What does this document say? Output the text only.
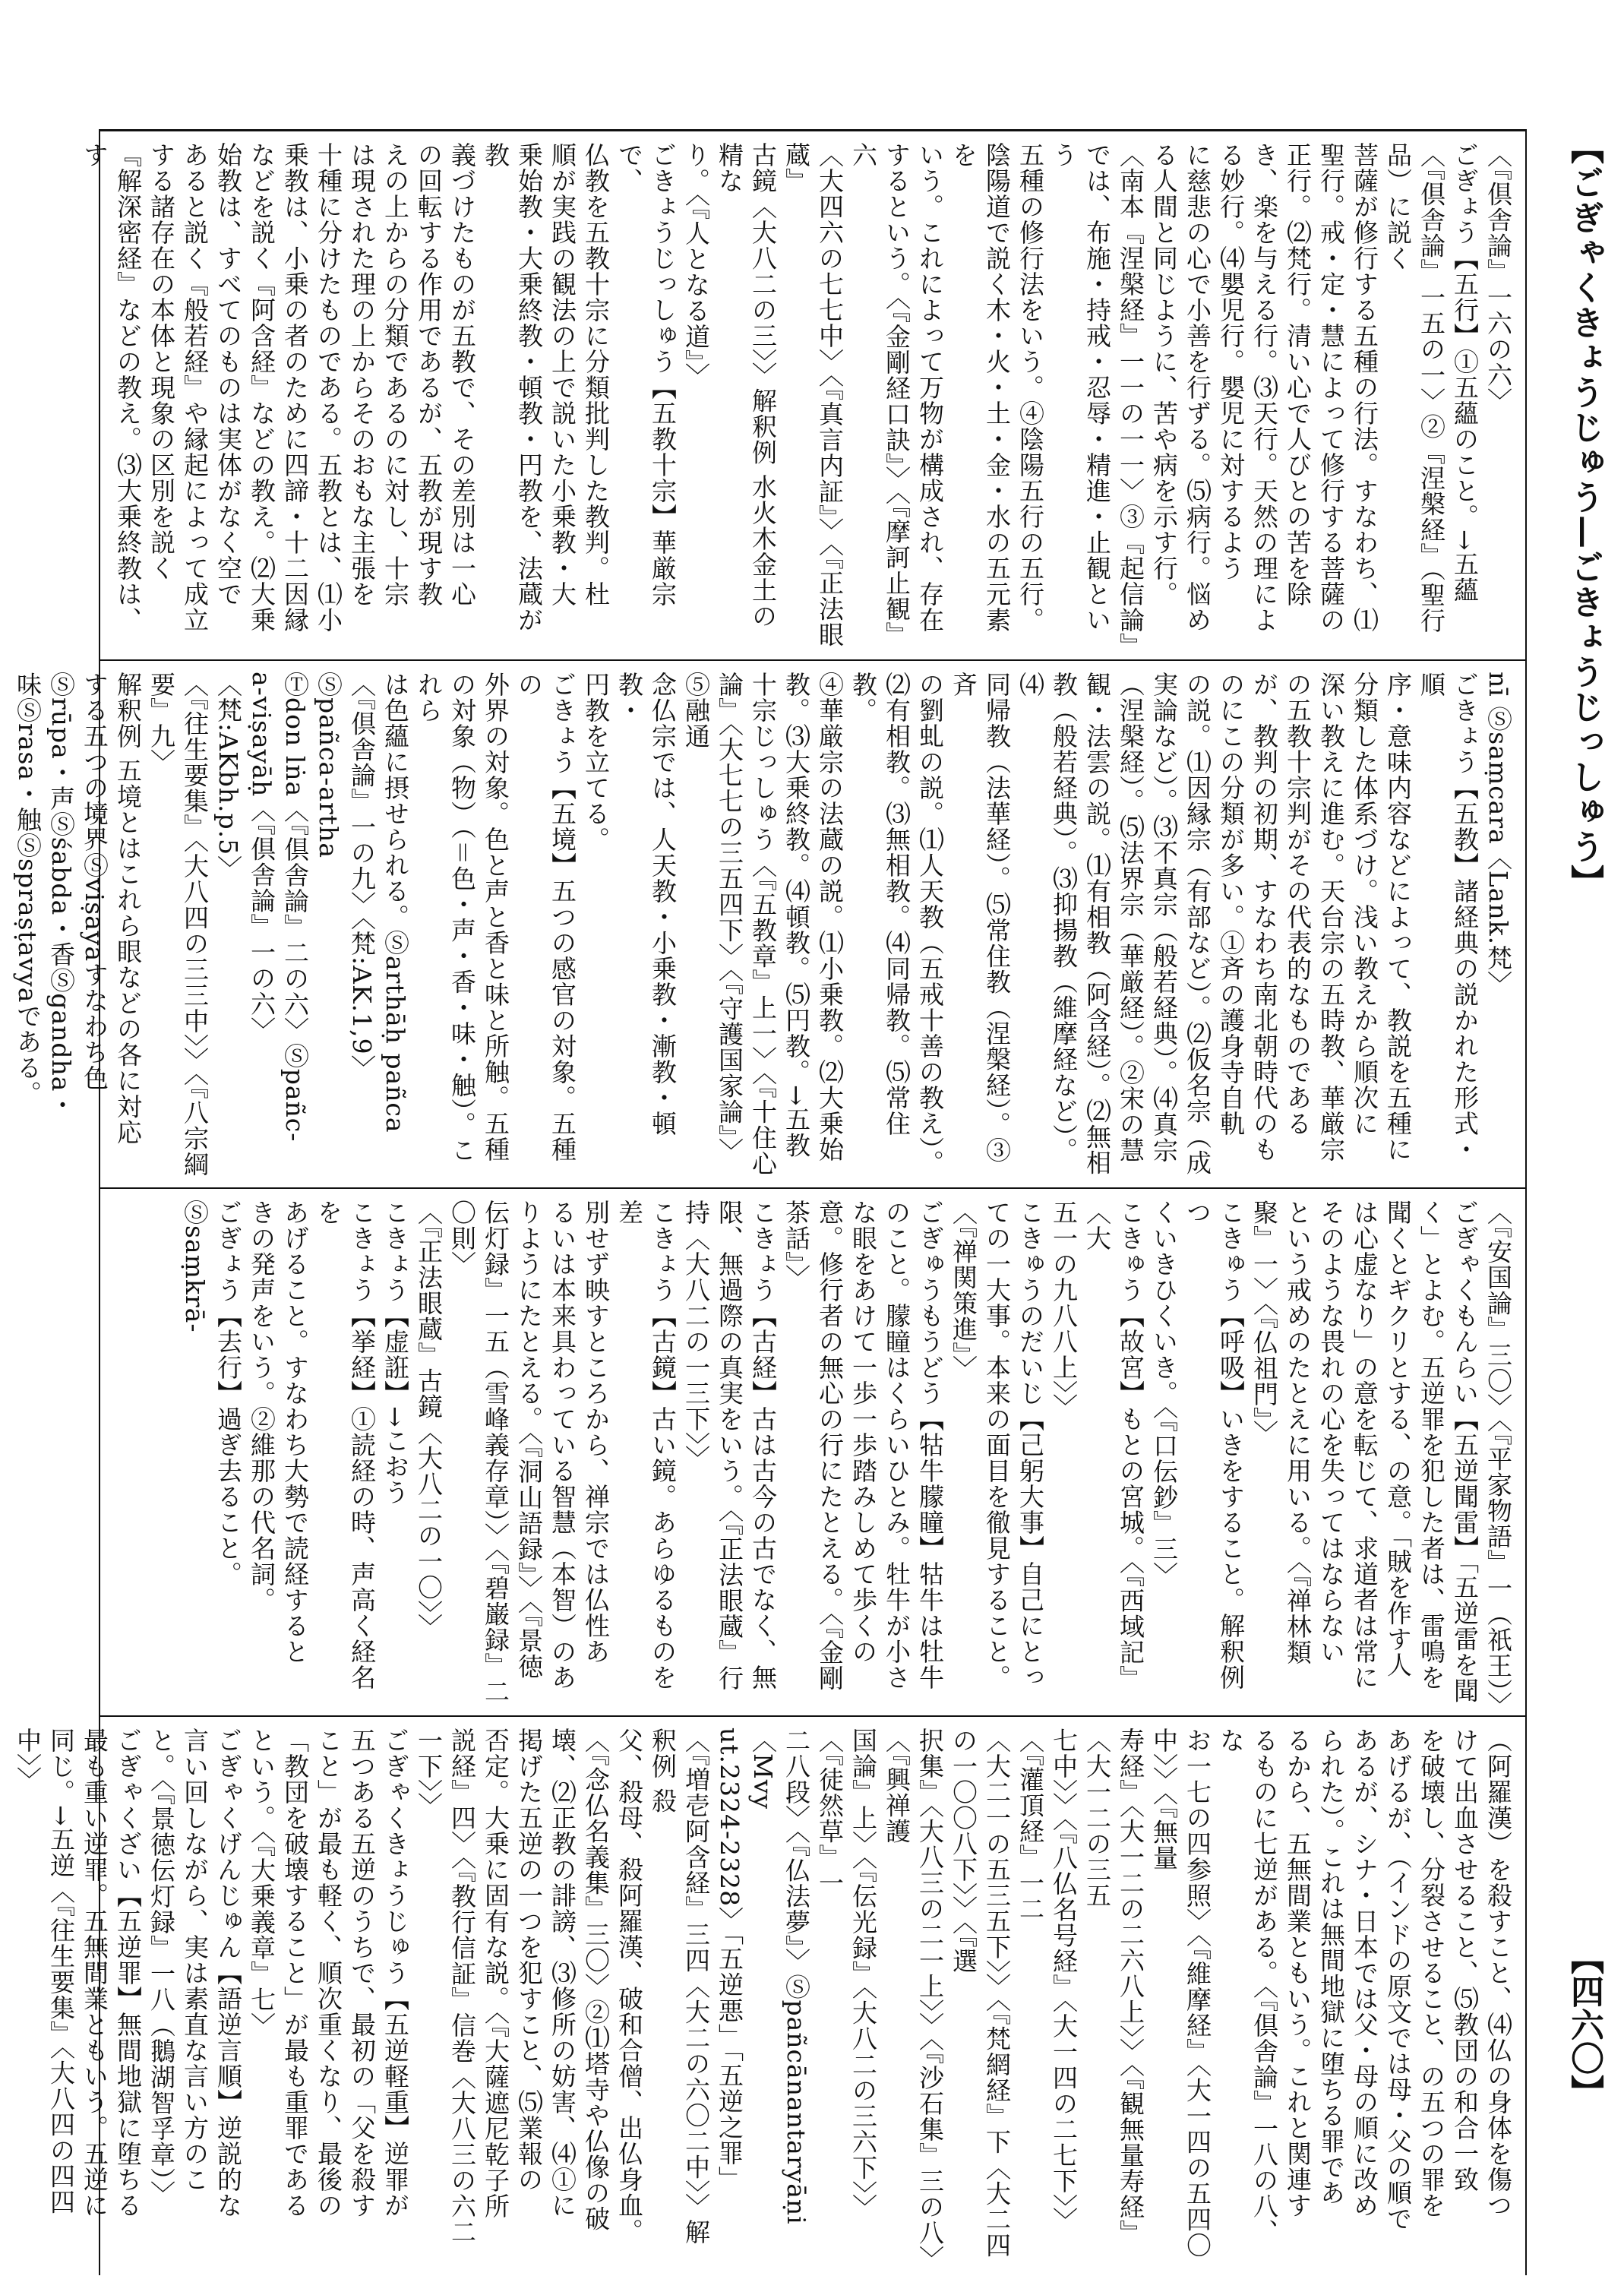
【ごぎゃくきょうじゅう—ごきょうじっしゅう】
【四六〇】

〈『倶舎論』一六の六〉

ごぎょう【五行】①五蘊のこと。→五蘊

〈『倶舎論』一五の一〉②『涅槃経』（聖行品）に説く

菩薩が修行する五種の行法。すなわち、⑴

聖行。戒・定・慧によって修行する菩薩の

正行。⑵梵行。清い心で人びとの苦を除

き、楽を与える行。⑶天行。天然の理によ

る妙行。⑷嬰児行。嬰児に対するよう

に慈悲の心で小善を行ずる。⑸病行。悩め

る人間と同じように、苦や病を示す行。

〈南本『涅槃経』一一の一一〉③『起信論』

では、布施・持戒・忍辱・精進・止観という

五種の修行法をいう。④陰陽五行の五行。

陰陽道で説く木・火・土・金・水の五元素を

いう。これによって万物が構成され、存在

するという。〈『金剛経口訣』〉〈『摩訶止観』六

〈大四六の七七中〉〈『真言内証』〉〈『正法眼蔵』

古鏡〈大八二の三〉〉解釈例 水火木金土の精な

り。〈『人となる道』〉

ごきょうじっしゅう【五教十宗】華厳宗で、

仏教を五教十宗に分類批判した教判。杜

順が実践の観法の上で説いた小乗教・大

乗始教・大乗終教・頓教・円教を、法蔵が教

義づけたものが五教で、その差別は一心

の回転する作用であるが、五教が現す教

えの上からの分類であるのに対し、十宗

は現された理の上からそのおもな主張を

十種に分けたものである。五教とは、⑴小

乗教は、小乗の者のために四諦・十二因縁

などを説く『阿含経』などの教え。⑵大乗

始教は、すべてのものは実体がなく空で

あると説く『般若経』や縁起によって成立

する諸存在の本体と現象の区別を説く

『解深密経』などの教え。⑶大乗終教は、す

nī Ⓢsaṃcara〈Lank.梵〉

ごきょう【五教】諸経典の説かれた形式・順

序・意味内容などによって、教説を五種に

分類した体系づけ。浅い教えから順次に

深い教えに進む。天台宗の五時教、華厳宗

の五教十宗判がその代表的なものである

が、教判の初期、すなわち南北朝時代のも

のにこの分類が多い。①斉の護身寺自軌

の説。⑴因縁宗（有部など）。⑵仮名宗（成

実論など）。⑶不真宗（般若経典）。⑷真宗

（涅槃経）。⑸法界宗（華厳経）。②宋の慧

観・法雲の説。⑴有相教（阿含経）。⑵無相

教（般若経典）。⑶抑揚教（維摩経など）。⑷

同帰教（法華経）。⑸常住教（涅槃経）。③斉

の劉虬の説。⑴人天教（五戒十善の教え）。

⑵有相教。⑶無相教。⑷同帰教。⑸常住教。

④華厳宗の法蔵の説。⑴小乗教。⑵大乗始

教。⑶大乗終教。⑷頓教。⑸円教。→五教

十宗じっしゅう〈『五教章』上一〉〈『十住心

論』〈大七七の三五四下〉〈『守護国家論』〉⑤融通

念仏宗では、人天教・小乗教・漸教・頓教・

円教を立てる。

ごきょう【五境】五つの感官の対象。五種の

外界の対象。色と声と香と味と所触。五種

の対象（物）（＝色・声・香・味・触）。これら

は色蘊に摂せられる。Ⓢarthāḥ pañca

〈『倶舎論』一の九〉〈梵:AK.1,9〉Ⓢpañca-artha

Ⓣdon lṅa〈『倶舎論』二の六〉Ⓢpañc-

a-viṣayāḥ〈『倶舎論』一の六〉〈梵:AKbh.p.5〉

〈『往生要集』〈大八四の三三中〉〉〈『八宗綱要』九〉

解釈例 五境とはこれら眼などの各に対応

する五つの境界Ⓢviṣayaすなわち色

Ⓢrūpa・声Ⓢśabda・香Ⓢgandha・

味Ⓢrasa・触Ⓢspraṣṭavyaである。

〈『安国論』三〇〉〈『平家物語』一（祇王）〉

ごぎゃくもんらい【五逆聞雷】「五逆雷を聞

く」とよむ。五逆罪を犯した者は、雷鳴を

聞くとギクリとする、の意。「賊を作す人

は心虚なり」の意を転じて、求道者は常に

そのような畏れの心を失ってはならない

という戒めのたとえに用いる。〈『禅林類

聚』一〉〈『仏祖門』〉

こきゅう【呼吸】いきをすること。解釈例 つ

くいきひくいき。〈『口伝鈔』三〉

こきゅう【故宮】もとの宮城。〈『西域記』〈大

五一の九八八上〉〉

こきゅうのだいじ【己躬大事】自己にとっ

ての一大事。本来の面目を徹見すること。

〈『禅関策進』〉

ごぎゅうもうどう【牯牛朦瞳】牯牛は牡牛

のこと。朦瞳はくらいひとみ。牡牛が小さ

な眼をあけて一歩一歩踏みしめて歩くの

意。修行者の無心の行にたとえる。〈『金剛

茶話』〉

こきょう【古経】古は古今の古でなく、無

限、無過際の真実をいう。〈『正法眼蔵』行

持〈大八二の一三下〉〉

こきょう【古鏡】古い鏡。あらゆるものを差

別せず映すところから、禅宗では仏性あ

るいは本来具わっている智慧（本智）のあ

りようにたとえる。〈『洞山語録』〉〈『景徳

伝灯録』一五（雪峰義存章）〉〈『碧巌録』二〇則〉

〈『正法眼蔵』古鏡〈大八二の一〇〉〉

こきょう【虚誑】→こおう

こきょう【挙経】①読経の時、声高く経名を

あげること。すなわち大勢で読経すると

きの発声をいう。②維那の代名詞。

ごぎょう【去行】過ぎ去ること。Ⓢsaṃkrā-

（阿羅漢）を殺すこと、⑷仏の身体を傷つ

けて出血させること、⑸教団の和合一致

を破壊し、分裂させること、の五つの罪を

あげるが、（インドの原文では母・父の順で

あるが、シナ・日本では父・母の順に改め

られた）。これは無間地獄に堕ちる罪であ

るから、五無間業ともいう。これと関連す

るものに七逆がある。〈『倶舎論』一八の八、な

お一七の四参照〉〈『維摩経』〈大一四の五四〇中〉〉〈『無量

寿経』〈大一二の二六八上〉〉〈『観無量寿経』〈大一二の三五

七中〉〉〈『八仏名号経』〈大一四の二七下〉〉〈『灌頂経』一二

〈大二一の五三五下〉〉〈『梵網経』下〈大二四の一〇〇八下〉〉〈『選

択集』〈大八三の二一上〉〉〈『沙石集』三の八〉〈『興禅護

国論』上〉〈『伝光録』〈大八二の三六下〉〉〈『徒然草』一

二八段〉〈『仏法夢』〉Ⓢpañcānantaryāṇi〈Mvy

ut.2324-2328〉「五逆悪」「五逆之罪」

〈『増壱阿含経』三四〈大二の六〇二中〉〉解釈例 殺

父、殺母、殺阿羅漢、破和合僧、出仏身血。

〈『念仏名義集』三〇〉②⑴塔寺や仏像の破

壊、⑵正教の誹謗、⑶修所の妨害、⑷①に

掲げた五逆の一つを犯すこと、⑸業報の

否定。大乗に固有な説。〈『大薩遮尼乾子所

説経』四〉〈『教行信証』信巻〈大八三の六二一下〉〉

ごぎゃくきょうじゅう【五逆軽重】逆罪が

五つある五逆のうちで、最初の「父を殺す

こと」が最も軽く、順次重くなり、最後の

「教団を破壊すること」が最も重罪である

という。〈『大乗義章』七〉

ごぎゃくげんじゅん【語逆言順】逆説的な

言い回しながら、実は素直な言い方のこ

と。〈『景徳伝灯録』一八（鵝湖智孚章）〉

ごぎゃくざい【五逆罪】無間地獄に堕ちる

最も重い逆罪。五無間業ともいう。五逆に

同じ。→五逆〈『往生要集』〈大八四の四四中〉〉
